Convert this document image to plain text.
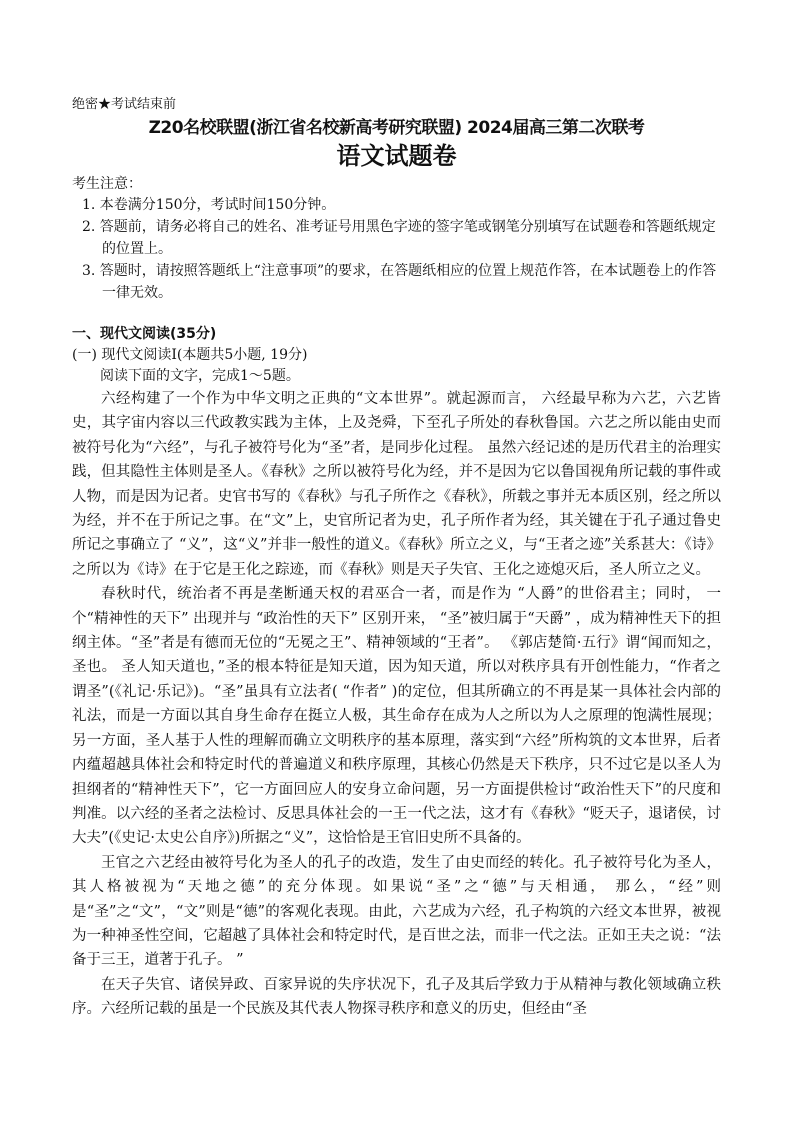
绝密★考试结束前

Z20名校联盟(浙江省名校新高考研究联盟) 2024届高三第二次联考
语文试题卷

考生注意：

1. 本卷满分150分，考试时间150分钟。

2. 答题前，请务必将自己的姓名、准考证号用黑色字迹的签字笔或钢笔分别填写在试题卷和答题纸规定的位置上。

3. 答题时，请按照答题纸上“注意事项”的要求，在答题纸相应的位置上规范作答，在本试题卷上的作答一律无效。

一、现代文阅读(35分)

(一) 现代文阅读Ⅰ(本题共5小题, 19分)

阅读下面的文字，完成1～5题。

六经构建了一个作为中华文明之正典的“文本世界”。就起源而言， 六经最早称为六艺，六艺皆史，其字宙内容以三代政教实践为主体，上及尧舜，下至孔子所处的春秋鲁国。六艺之所以能由史而被符号化为“六经”，与孔子被符号化为“圣”者，是同步化过程。 虽然六经记述的是历代君主的治理实践，但其隐性主体则是圣人。《春秋》之所以被符号化为经，并不是因为它以鲁国视角所记载的事件或人物，而是因为记者。史官书写的《春秋》与孔子所作之《春秋》，所载之事并无本质区别，经之所以为经，并不在于所记之事。在“文”上，史官所记者为史，孔子所作者为经，其关键在于孔子通过鲁史所记之事确立了 “义”，这“义”并非一般性的道义。《春秋》所立之义，与“王者之迹”关系甚大：《诗》之所以为《诗》在于它是王化之踪迹，而《春秋》则是天子失官、王化之迹熄灭后，圣人所立之义。

春秋时代，统治者不再是垄断通天权的君巫合一者，而是作为 “人爵”的世俗君主；同时， 一个“精神性的天下” 出现并与 “政治性的天下” 区别开来， “圣”被归属于“天爵” ，成为精神性天下的担纲主体。“圣”者是有德而无位的“无冕之王”、精神领域的“王者”。 《郭店楚简·五行》谓“闻而知之， 圣也。 圣人知天道也，”圣的根本特征是知天道，因为知天道，所以对秩序具有开创性能力，“作者之谓圣”(《礼记·乐记》)。“圣”虽具有立法者( “作者” )的定位，但其所确立的不再是某一具体社会内部的礼法，而是一方面以其自身生命存在挺立人极，其生命存在成为人之所以为人之原理的饱满性展现；另一方面，圣人基于人性的理解而确立文明秩序的基本原理，落实到“六经”所构筑的文本世界，后者内蕴超越具体社会和特定时代的普遍道义和秩序原理，其核心仍然是天下秩序，只不过它是以圣人为担纲者的“精神性天下”，它一方面回应人的安身立命问题，另一方面提供检讨“政治性天下”的尺度和判准。以六经的圣者之法检讨、反思具体社会的一王一代之法，这才有《春秋》“贬天子，退诸侯，讨大夫”(《史记·太史公自序》)所据之“义”，这恰恰是王官旧史所不具备的。

王官之六艺经由被符号化为圣人的孔子的改造，发生了由史而经的转化。孔子被符号化为圣人，其人格被视为“天地之德”的充分体现。如果说“圣”之“德”与天相通， 那么，“经”则是“圣”之“文”，“文”则是“德”的客观化表现。由此，六艺成为六经，孔子构筑的六经文本世界，被视为一种神圣性空间，它超越了具体社会和特定时代，是百世之法，而非一代之法。正如王夫之说：“法备于三王，道著于孔子。 ”

在天子失官、诸侯异政、百家异说的失序状况下，孔子及其后学致力于从精神与教化领域确立秩序。六经所记载的虽是一个民族及其代表人物探寻秩序和意义的历史，但经由“圣
